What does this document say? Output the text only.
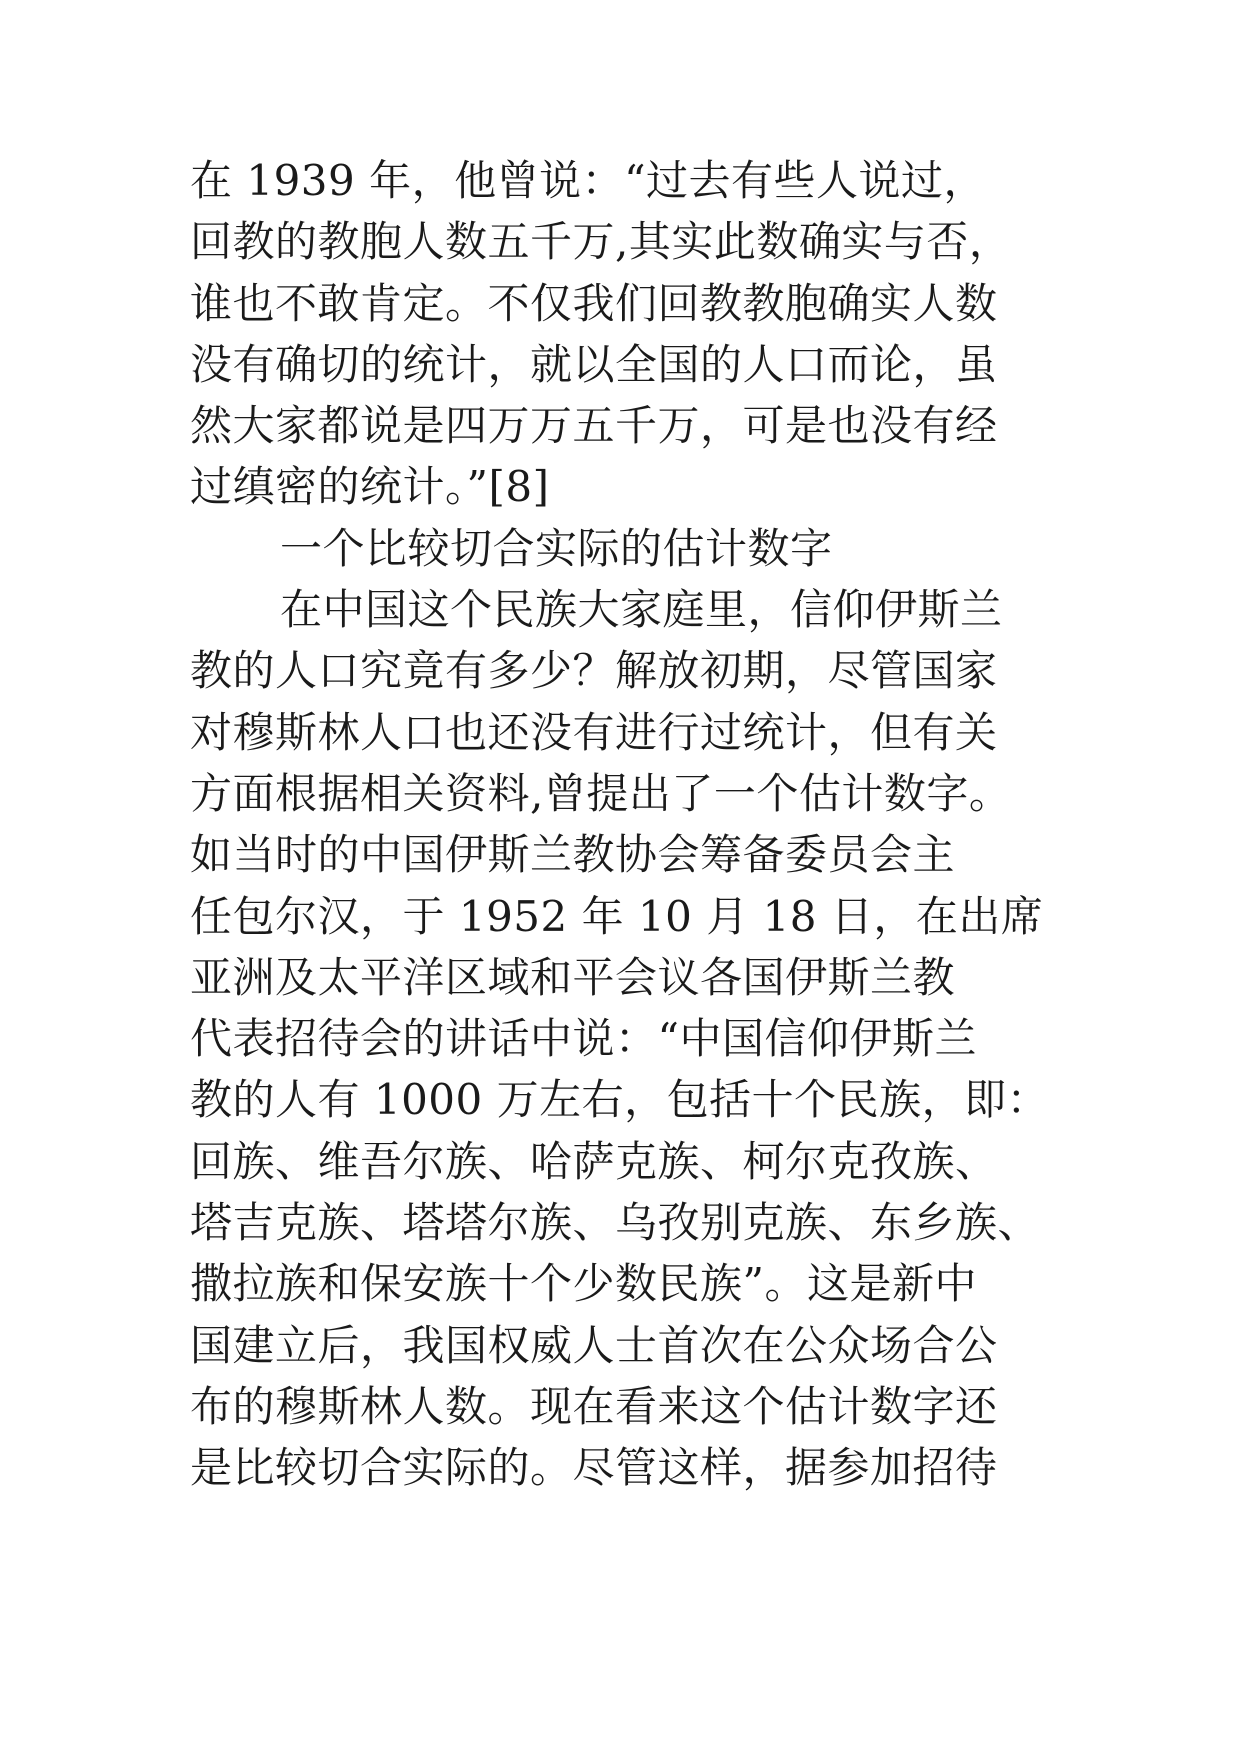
在 1939 年，他曾说：“过去有些人说过，
回教的教胞人数五千万,其实此数确实与否，
谁也不敢肯定。不仅我们回教教胞确实人数
没有确切的统计，就以全国的人口而论，虽
然大家都说是四万万五千万，可是也没有经
过缜密的统计。”[8]
一个比较切合实际的估计数字
在中国这个民族大家庭里，信仰伊斯兰
教的人口究竟有多少？解放初期，尽管国家
对穆斯林人口也还没有进行过统计，但有关
方面根据相关资料,曾提出了一个估计数字。
如当时的中国伊斯兰教协会筹备委员会主
任包尔汉，于 1952 年 10 月 18 日，在出席
亚洲及太平洋区域和平会议各国伊斯兰教
代表招待会的讲话中说：“中国信仰伊斯兰
教的人有 1000 万左右，包括十个民族，即：
回族、维吾尔族、哈萨克族、柯尔克孜族、
塔吉克族、塔塔尔族、乌孜别克族、东乡族、
撒拉族和保安族十个少数民族”。这是新中
国建立后，我国权威人士首次在公众场合公
布的穆斯林人数。现在看来这个估计数字还
是比较切合实际的。尽管这样，据参加招待
